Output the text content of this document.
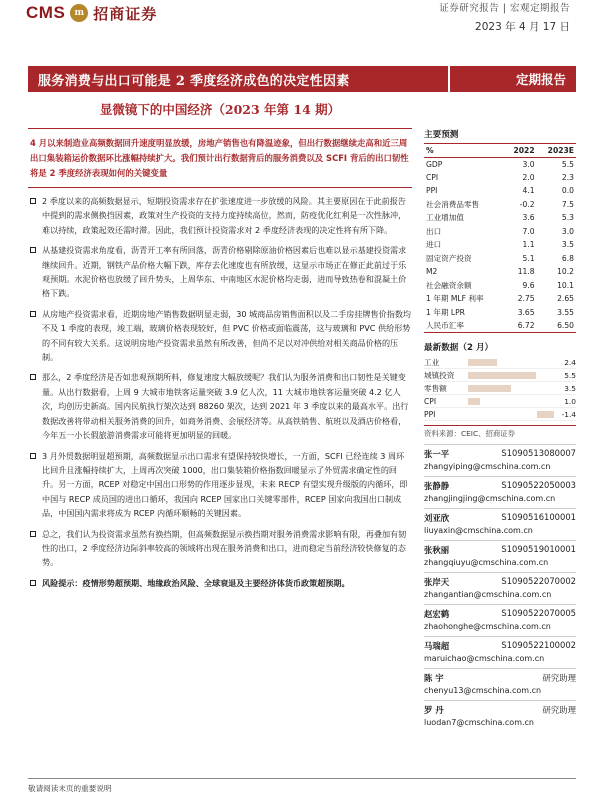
CMS	m 招商证券	证券研究报告 | 宏观定期报告
2023 年 4 月 17 日
服务消费与出口可能是 2 季度经济成色的决定性因素	定期报告
显微镜下的中国经济（2023 年第 14 期）
4 月以来制造业高频数据回升速度明显放缓，房地产销售也有降温迹象，但出行数据继续走高和近三周出口集装箱运价数据环比涨幅持续扩大。我们预计出行数据背后的服务消费以及 SCFI 背后的出口韧性将是 2 季度经济表现如何的关键变量
2 季度以来的高频数据显示，短期投资需求存在扩张速度进一步放缓的风险。其主要原因在于此前报告中提到的需求侧换挡因素，政策对生产投资的支持力度持续高位，然而，防疫优化红利是一次性脉冲，难以持续，政策起效还需时滞。因此，我们预计投资需求对 2 季度经济表现的决定性将有所下降。
从基建投资需求角度看，沥青开工率有所回落，沥青价格剔除原油价格因素后也难以显示基建投资需求继续回升。近期，钢铁产品价格大幅下跌，库存去化速度也有所放缓，这显示市场正在修正此前过于乐观预期。水泥价格也放缓了回升势头，上周华东、中南地区水泥价格均走弱，进而导致热卷和混凝土价格下跌。
从房地产投资需求看，近期房地产销售数据明显走弱，30 城商品房销售面积以及二手房挂牌售价指数均不及 1 季度的表现，竣工端，玻璃价格表现较好，但 PVC 价格或面临震荡，这与玻璃和 PVC 供给形势的不同有较大关系。这说明房地产投资需求虽然有所改善，但尚不足以对冲供给对相关商品价格的压制。
那么，2 季度经济是否如悲观预期所料，修复速度大幅放缓呢？我们认为服务消费和出口韧性是关键变量。从出行数据看，上周 9 大城市地铁客运量突破 3.9 亿人次，11 大城市地铁客运量突破 4.2 亿人次，均创历史新高。国内民航执行架次达到 88260 架次，达到 2021 年 3 季度以来的最高水平。出行数据改善将带动相关服务消费的回升，如商务消费、会展经济等。从高铁销售、航班以及酒店价格看，今年五一小长假旅游消费需求可能将更加明显的回暖。
3 月外贸数据明显超预期，高频数据显示出口需求有望保持较快增长，一方面，SCFI 已经连续 3 周环比回升且涨幅持续扩大，上周再次突破 1000，出口集装箱价格指数回暖显示了外贸需求确定性的回升。另一方面，RCEP 对稳定中国出口形势的作用逐步显现，未来 RECP 有望实现升级版的内循环，即中国与 RECP 成员国的进出口循环，我国向 RCEP 国家出口关键零部件，RCEP 国家向我国出口制成品，中国国内需求将成为 RCEP 内循环顺畅的关键因素。
总之，我们认为投资需求虽然有换挡期，但高频数据显示换挡期对服务消费需求影响有限，再叠加有韧性的出口，2 季度经济边际斜率较高的领域将出现在服务消费和出口，进而稳定当前经济较快修复的态势。
风险提示：疫情形势超预期、地缘政治风险、全球衰退及主要经济体货币政策超预期。
主要预测
%	2022	2023E
GDP	3.0	5.5
CPI	2.0	2.3
PPI	4.1	0.0
社会消费品零售	-0.2	7.5
工业增加值	3.6	5.3
出口	7.0	3.0
进口	1.1	3.5
固定资产投资	5.1	6.8
M2	11.8	10.2
社会融资余额	9.6	10.1
1 年期 MLF 利率	2.75	2.65
1 年期 LPR	3.65	3.55
人民币汇率	6.72	6.50
最新数据（2 月）
工业	2.4
城镇投资	5.5
零售额	3.5
CPI	1.0
PPI	-1.4
资料来源：CEIC、招商证券
张一平	S1090513080007
zhangyiping@cmschina.com.cn
张静静	S1090522050003
zhangjingjing@cmschina.com.cn
刘亚欣	S1090516100001
liuyaxin@cmschina.com.cn
张秋丽	S1090519010001
zhangqiuyu@cmschina.com.cn
张岸天	S1090522070002
zhangantian@cmschina.com.cn
赵宏鹤	S1090522070005
zhaohonghe@cmschina.com.cn
马瑞超	S1090522100002
maruichao@cmschina.com.cn
陈 宇	研究助理
chenyu13@cmschina.com.cn
罗 丹	研究助理
luodan7@cmschina.com.cn
敬请阅读末页的重要说明
